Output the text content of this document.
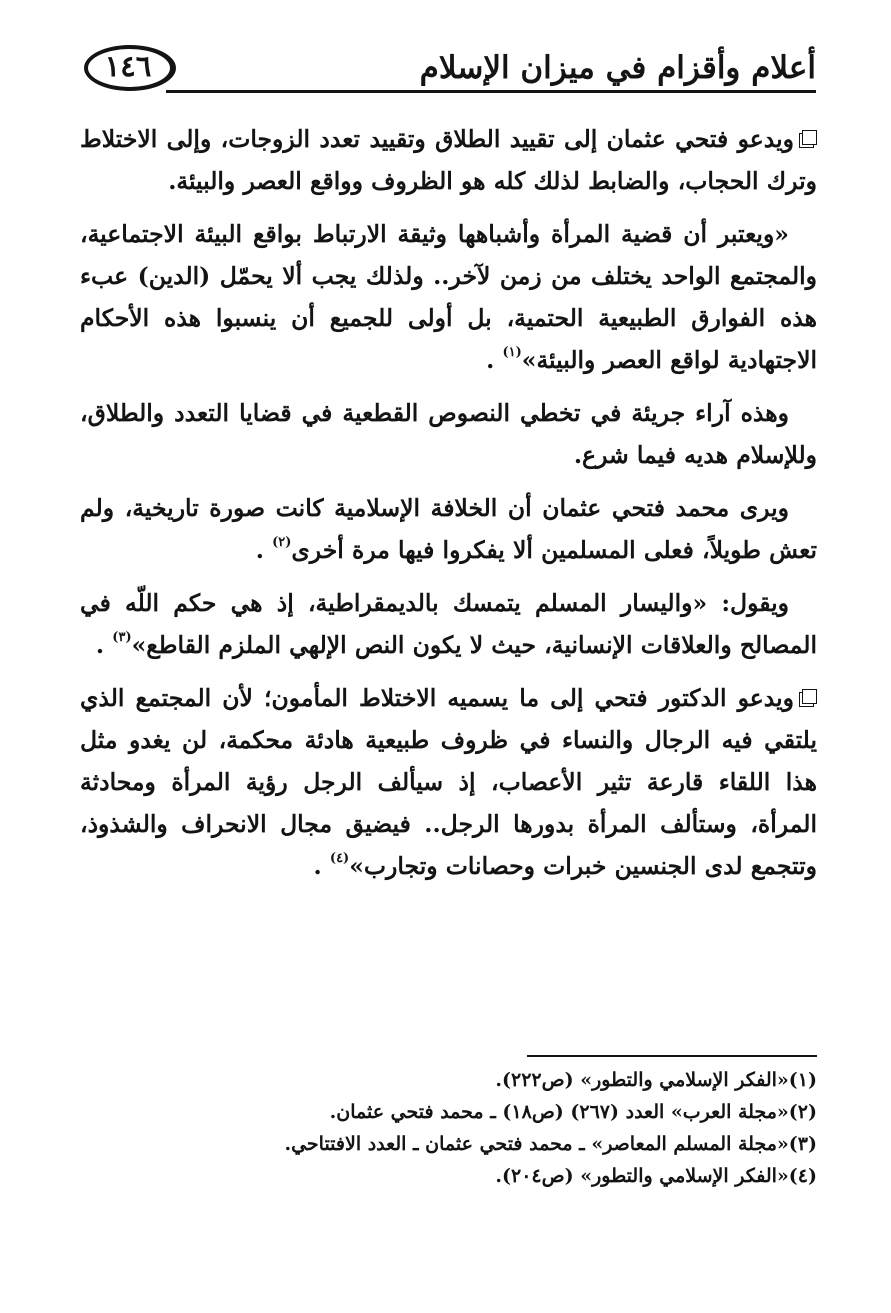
أعلام وأقزام في ميزان الإسلام
١٤٦

ويدعو فتحي عثمان إلى تقييد الطلاق وتقييد تعدد الزوجات، وإلى الاختلاط وترك الحجاب، والضابط لذلك كله هو الظروف وواقع العصر والبيئة.

«ويعتبر أن قضية المرأة وأشباهها وثيقة الارتباط بواقع البيئة الاجتماعية، والمجتمع الواحد يختلف من زمن لآخر.. ولذلك يجب ألا يحمّل (الدين) عبء هذه الفوارق الطبيعية الحتمية، بل أولى للجميع أن ينسبوا هذه الأحكام الاجتهادية لواقع العصر والبيئة»$^{(١)}$ .

وهذه آراء جريئة في تخطي النصوص القطعية في قضايا التعدد والطلاق، وللإسلام هديه فيما شرع.

ويرى محمد فتحي عثمان أن الخلافة الإسلامية كانت صورة تاريخية، ولم تعش طويلاً، فعلى المسلمين ألا يفكروا فيها مرة أخرى$^{(٢)}$ .

ويقول: «واليسار المسلم يتمسك بالديمقراطية، إذ هي حكم اللّه في المصالح والعلاقات الإنسانية، حيث لا يكون النص الإلهي الملزم القاطع»$^{(٣)}$ .

ويدعو الدكتور فتحي إلى ما يسميه الاختلاط المأمون؛ لأن المجتمع الذي يلتقي فيه الرجال والنساء في ظروف طبيعية هادئة محكمة، لن يغدو مثل هذا اللقاء قارعة تثير الأعصاب، إذ سيألف الرجل رؤية المرأة ومحادثة المرأة، وستألف المرأة بدورها الرجل.. فيضيق مجال الانحراف والشذوذ، وتتجمع لدى الجنسين خبرات وحصانات وتجارب»$^{(٤)}$ .

(١)«الفكر الإسلامي والتطور» (ص٢٢٢).

(٢)«مجلة العرب» العدد (٢٦٧) (ص١٨) ـ محمد فتحي عثمان.

(٣)«مجلة المسلم المعاصر» ـ محمد فتحي عثمان ـ العدد الافتتاحي.

(٤)«الفكر الإسلامي والتطور» (ص٢٠٤).
